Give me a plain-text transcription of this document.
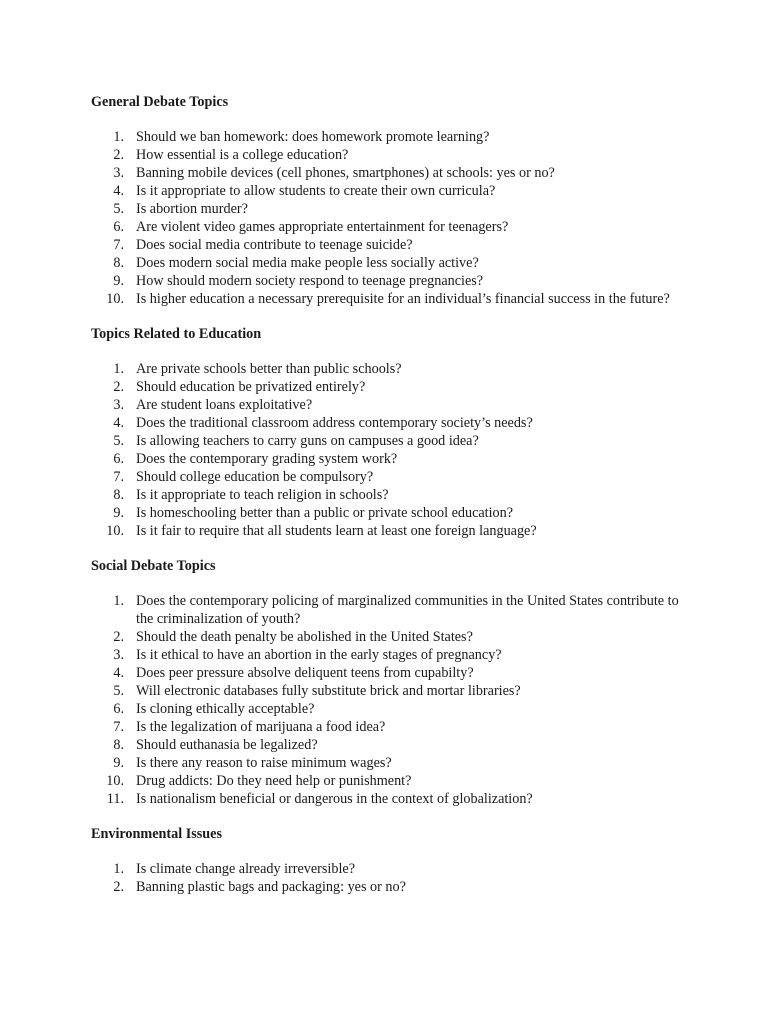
General Debate Topics
1. Should we ban homework: does homework promote learning?
2. How essential is a college education?
3. Banning mobile devices (cell phones, smartphones) at schools: yes or no?
4. Is it appropriate to allow students to create their own curricula?
5. Is abortion murder?
6. Are violent video games appropriate entertainment for teenagers?
7. Does social media contribute to teenage suicide?
8. Does modern social media make people less socially active?
9. How should modern society respond to teenage pregnancies?
10. Is higher education a necessary prerequisite for an individual’s financial success in the future?
Topics Related to Education
1. Are private schools better than public schools?
2. Should education be privatized entirely?
3. Are student loans exploitative?
4. Does the traditional classroom address contemporary society’s needs?
5. Is allowing teachers to carry guns on campuses a good idea?
6. Does the contemporary grading system work?
7. Should college education be compulsory?
8. Is it appropriate to teach religion in schools?
9. Is homeschooling better than a public or private school education?
10. Is it fair to require that all students learn at least one foreign language?
Social Debate Topics
1. Does the contemporary policing of marginalized communities in the United States contribute to the criminalization of youth?
2. Should the death penalty be abolished in the United States?
3. Is it ethical to have an abortion in the early stages of pregnancy?
4. Does peer pressure absolve deliquent teens from cupabilty?
5. Will electronic databases fully substitute brick and mortar libraries?
6. Is cloning ethically acceptable?
7. Is the legalization of marijuana a food idea?
8. Should euthanasia be legalized?
9. Is there any reason to raise minimum wages?
10. Drug addicts: Do they need help or punishment?
11. Is nationalism beneficial or dangerous in the context of globalization?
Environmental Issues
1. Is climate change already irreversible?
2. Banning plastic bags and packaging: yes or no?
